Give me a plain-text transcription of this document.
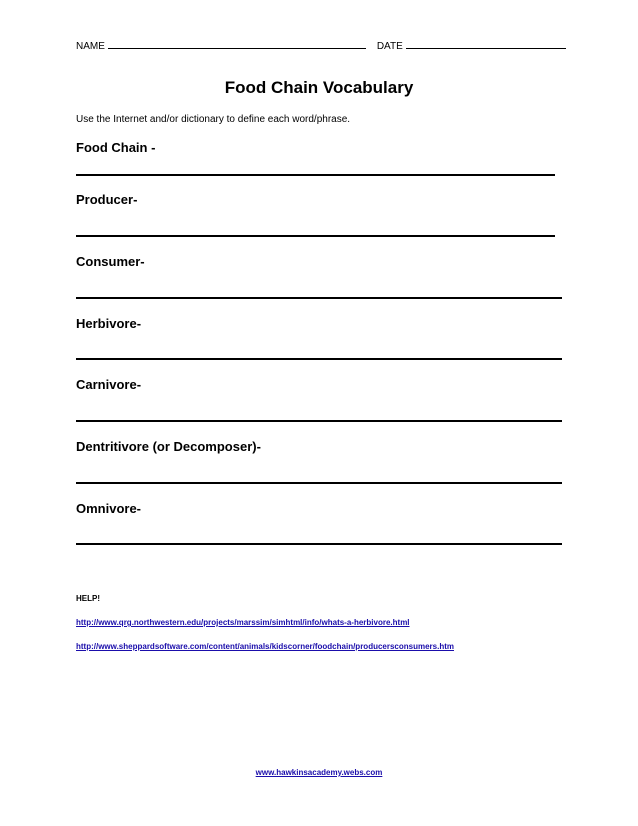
NAME	DATE
Food Chain Vocabulary
Use the Internet and/or dictionary to define each word/phrase.
Food Chain -
Producer-
Consumer-
Herbivore-
Carnivore-
Dentritivore (or Decomposer)-
Omnivore-
HELP!
http://www.qrg.northwestern.edu/projects/marssim/simhtml/info/whats-a-herbivore.html
http://www.sheppardsoftware.com/content/animals/kidscorner/foodchain/producersconsumers.htm
www.hawkinsacademy.webs.com
